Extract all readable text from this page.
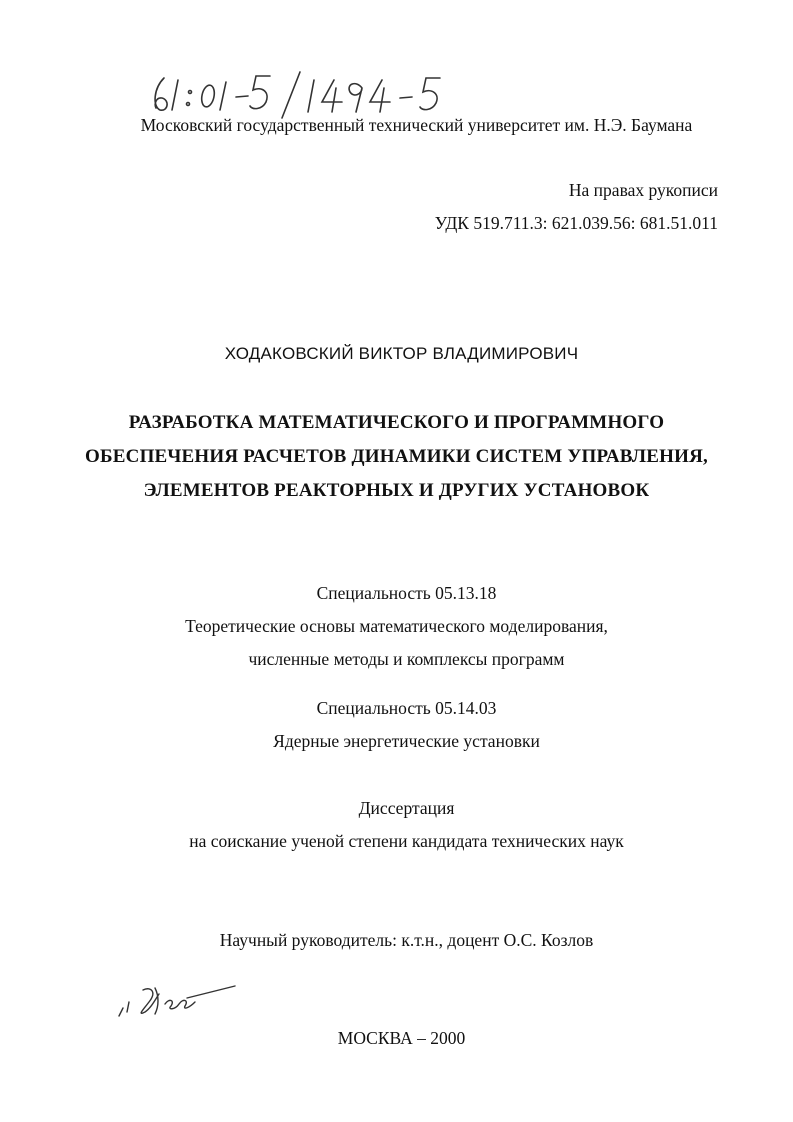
Московский государственный технический университет им. Н.Э. Баумана
На правах рукописи
УДК 519.711.3: 621.039.56: 681.51.011
ХОДАКОВСКИЙ ВИКТОР ВЛАДИМИРОВИЧ
РАЗРАБОТКА МАТЕМАТИЧЕСКОГО И ПРОГРАММНОГО
ОБЕСПЕЧЕНИЯ РАСЧЕТОВ ДИНАМИКИ СИСТЕМ УПРАВЛЕНИЯ,
ЭЛЕМЕНТОВ РЕАКТОРНЫХ И ДРУГИХ УСТАНОВОК
Специальность 05.13.18
Теоретические основы математического моделирования,
численные методы и комплексы программ
Специальность 05.14.03
Ядерные энергетические установки
Диссертация
на соискание ученой степени кандидата технических наук
Научный руководитель: к.т.н., доцент О.С. Козлов
МОСКВА – 2000
